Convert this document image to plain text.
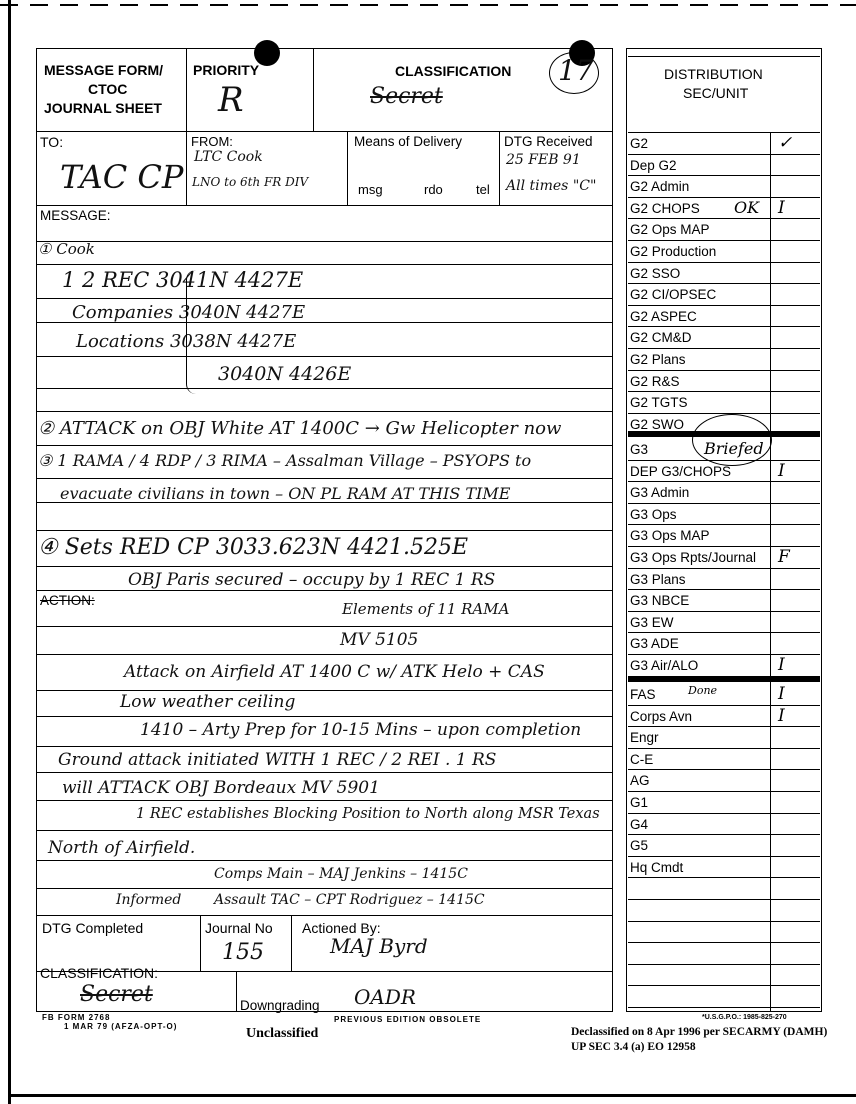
MESSAGE FORM/
CTOC
JOURNAL SHEET
PRIORITY
R
CLASSIFICATION
Secret
17
TO:
TAC CP
FROM:
LTC Cook
LNO to 6th FR DIV
Means of Delivery
msg	rdo	tel
DTG Received
25 FEB 91
All times "C"
MESSAGE:
ACTION:
① Cook
1 2 REC 3041N 4427E
Companies 3040N 4427E
Locations 3038N 4427E
3040N 4426E
② ATTACK on OBJ White AT 1400C → Gw Helicopter now
③ 1 RAMA / 4 RDP / 3 RIMA – Assalman Village – PSYOPS to
evacuate civilians in town – ON PL RAM AT THIS TIME
④ Sets RED CP 3033.623N 4421.525E
OBJ Paris secured – occupy by 1 REC 1 RS
Elements of 11 RAMA
MV 5105
Attack on Airfield AT 1400 C w/ ATK Helo + CAS
Low weather ceiling
1410 – Arty Prep for 10-15 Mins – upon completion
Ground attack initiated WITH 1 REC / 2 REI . 1 RS
will ATTACK OBJ Bordeaux MV 5901
1 REC establishes Blocking Position to North along MSR Texas
North of Airfield.
Comps Main – MAJ Jenkins – 1415C
Informed Assault TAC – CPT Rodriguez – 1415C
DTG Completed	Journal No
155
Actioned By:
MAJ Byrd
CLASSIFICATION:
Secret	Downgrading OADR
DISTRIBUTION
SEC/UNIT
G2	✓
Dep G2
G2 Admin
G2 CHOPS	I
OK
G2 Ops MAP
G2 Production
G2 SSO
G2 CI/OPSEC
G2 ASPEC
G2 CM&D
G2 Plans
G2 R&S
G2 TGTS
G2 SWO
G3	Briefed
DEP G3/CHOPS	I
G3 Admin
G3 Ops
G3 Ops MAP
G3 Ops Rpts/Journal F
G3 Plans
G3 NBCE
G3 EW
G3 ADE
G3 Air/ALO	I
FAS	I
Done
Corps Avn	I
Engr
C-E
AG
G1
G4
G5
Hq Cmdt
FB FORM 2768
1 MAR 79 (AFZA-OPT-O)
PREVIOUS EDITION OBSOLETE	*U.S.G.P.O.: 1985-825-270
Unclassified	Declassified on 8 Apr 1996 per SECARMY (DAMH)
UP SEC 3.4 (a) EO 12958
